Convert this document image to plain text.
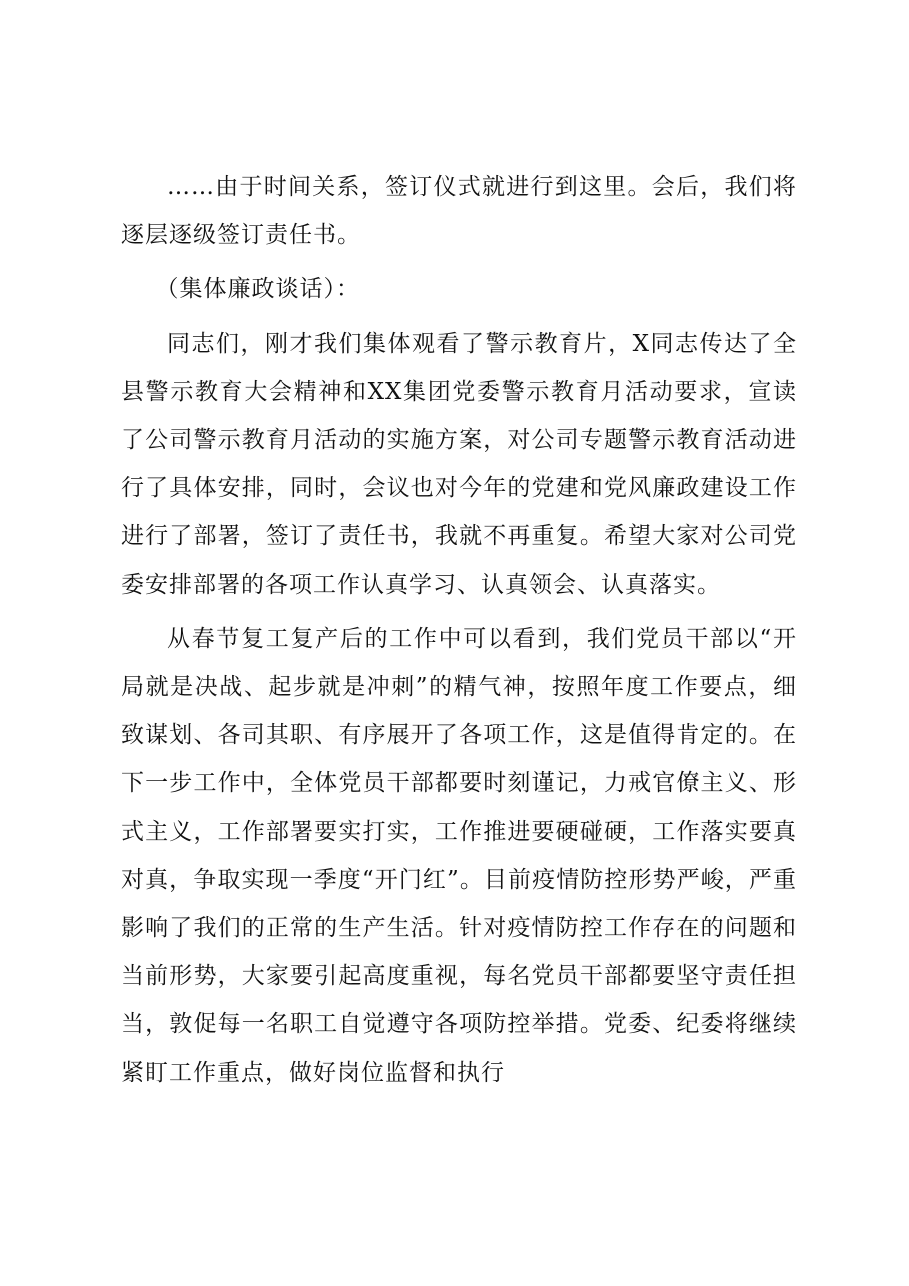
……由于时间关系，签订仪式就进行到这里。会后，我们将逐层逐级签订责任书。

（集体廉政谈话）：

同志们，刚才我们集体观看了警示教育片，X同志传达了全县警示教育大会精神和XX集团党委警示教育月活动要求，宣读了公司警示教育月活动的实施方案，对公司专题警示教育活动进行了具体安排，同时，会议也对今年的党建和党风廉政建设工作进行了部署，签订了责任书，我就不再重复。希望大家对公司党委安排部署的各项工作认真学习、认真领会、认真落实。

从春节复工复产后的工作中可以看到，我们党员干部以“开局就是决战、起步就是冲刺”的精气神，按照年度工作要点，细致谋划、各司其职、有序展开了各项工作，这是值得肯定的。在下一步工作中，全体党员干部都要时刻谨记，力戒官僚主义、形式主义，工作部署要实打实，工作推进要硬碰硬，工作落实要真对真，争取实现一季度“开门红”。目前疫情防控形势严峻，严重影响了我们的正常的生产生活。针对疫情防控工作存在的问题和当前形势，大家要引起高度重视，每名党员干部都要坚守责任担当，敦促每一名职工自觉遵守各项防控举措。党委、纪委将继续紧盯工作重点，做好岗位监督和执行
